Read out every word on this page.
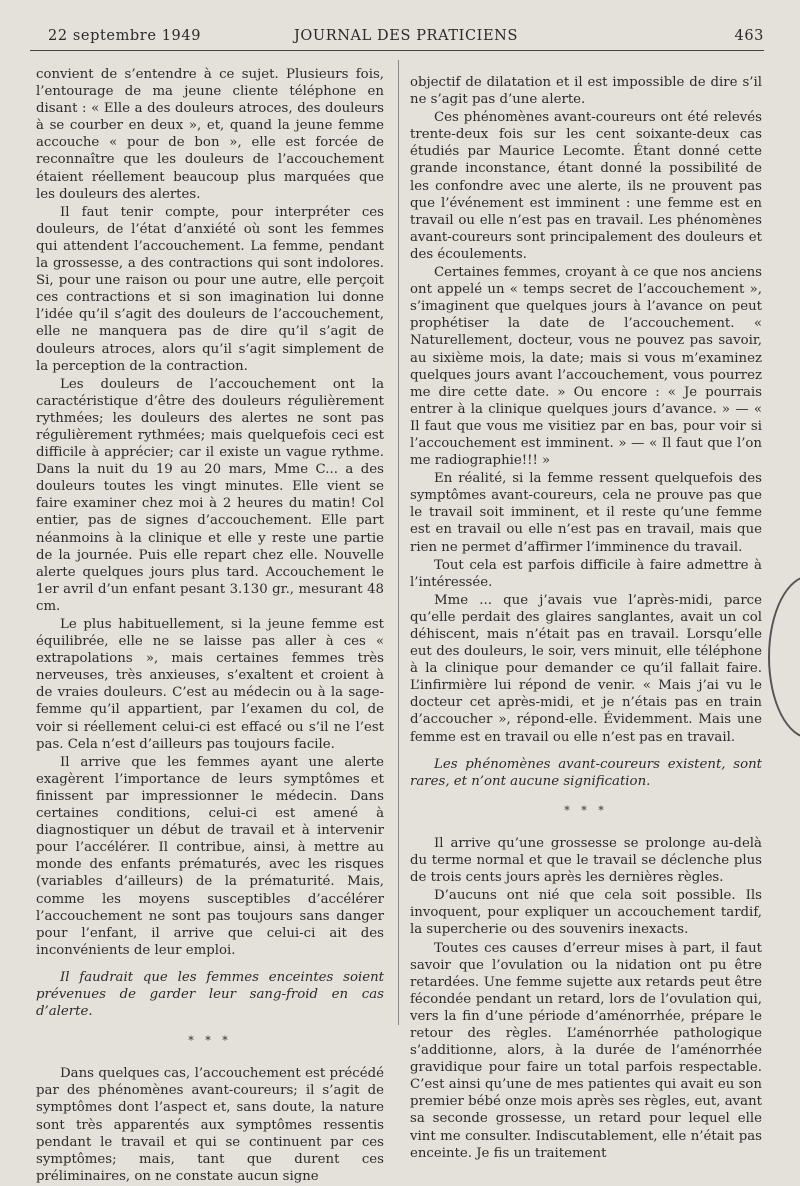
22 septembre 1949	JOURNAL DES PRATICIENS	463

convient de s’entendre à ce sujet. Plusieurs fois, l’entourage de ma jeune cliente téléphone en disant : « Elle a des douleurs atroces, des douleurs à se courber en deux », et, quand la jeune femme accouche « pour de bon », elle est forcée de reconnaître que les douleurs de l’accouchement étaient réellement beaucoup plus marquées que les douleurs des alertes.

Il faut tenir compte, pour interpréter ces douleurs, de l’état d’anxiété où sont les femmes qui attendent l’accouchement. La femme, pendant la grossesse, a des contractions qui sont indolores. Si, pour une raison ou pour une autre, elle perçoit ces contractions et si son imagination lui donne l’idée qu’il s’agit des douleurs de l’accouchement, elle ne manquera pas de dire qu’il s’agit de douleurs atroces, alors qu’il s’agit simplement de la perception de la contraction.

Les douleurs de l’accouchement ont la caractéristique d’être des douleurs régulièrement rythmées; les douleurs des alertes ne sont pas régulièrement rythmées; mais quelquefois ceci est difficile à apprécier; car il existe un vague rythme. Dans la nuit du 19 au 20 mars, Mme C... a des douleurs toutes les vingt minutes. Elle vient se faire examiner chez moi à 2 heures du matin! Col entier, pas de signes d’accouchement. Elle part néanmoins à la clinique et elle y reste une partie de la journée. Puis elle repart chez elle. Nouvelle alerte quelques jours plus tard. Accouchement le 1er avril d’un enfant pesant 3.130 gr., mesurant 48 cm.

Le plus habituellement, si la jeune femme est équilibrée, elle ne se laisse pas aller à ces « extrapolations », mais certaines femmes très nerveuses, très anxieuses, s’exaltent et croient à de vraies douleurs. C’est au médecin ou à la sage-femme qu’il appartient, par l’examen du col, de voir si réellement celui-ci est effacé ou s’il ne l’est pas. Cela n’est d’ailleurs pas toujours facile.

Il arrive que les femmes ayant une alerte exagèrent l’importance de leurs symptômes et finissent par impressionner le médecin. Dans certaines conditions, celui-ci est amené à diagnostiquer un début de travail et à intervenir pour l’accélérer. Il contribue, ainsi, à mettre au monde des enfants prématurés, avec les risques (variables d’ailleurs) de la prématurité. Mais, comme les moyens susceptibles d’accélérer l’accouchement ne sont pas toujours sans danger pour l’enfant, il arrive que celui-ci ait des inconvénients de leur emploi.

Il faudrait que les femmes enceintes soient prévenues de garder leur sang-froid en cas d’alerte.

* * *

Dans quelques cas, l’accouchement est précédé par des phénomènes avant-coureurs; il s’agit de symptômes dont l’aspect et, sans doute, la nature sont très apparentés aux symptômes ressentis pendant le travail et qui se continuent par ces symptômes; mais, tant que durent ces préliminaires, on ne constate aucun signe

objectif de dilatation et il est impossible de dire s’il ne s’agit pas d’une alerte.

Ces phénomènes avant-coureurs ont été relevés trente-deux fois sur les cent soixante-deux cas étudiés par Maurice Lecomte. Étant donné cette grande inconstance, étant donné la possibilité de les confondre avec une alerte, ils ne prouvent pas que l’événement est imminent : une femme est en travail ou elle n’est pas en travail. Les phénomènes avant-coureurs sont principalement des douleurs et des écoulements.

Certaines femmes, croyant à ce que nos anciens ont appelé un « temps secret de l’accouchement », s’imaginent que quelques jours à l’avance on peut prophétiser la date de l’accouchement. « Naturellement, docteur, vous ne pouvez pas savoir, au sixième mois, la date; mais si vous m’examinez quelques jours avant l’accouchement, vous pourrez me dire cette date. » Ou encore : « Je pourrais entrer à la clinique quelques jours d’avance. » — « Il faut que vous me visitiez par en bas, pour voir si l’accouchement est imminent. » — « Il faut que l’on me radiographie!!! »

En réalité, si la femme ressent quelquefois des symptômes avant-coureurs, cela ne prouve pas que le travail soit imminent, et il reste qu’une femme est en travail ou elle n’est pas en travail, mais que rien ne permet d’affirmer l’imminence du travail.

Tout cela est parfois difficile à faire admettre à l’intéressée.

Mme ... que j’avais vue l’après-midi, parce qu’elle perdait des glaires sanglantes, avait un col déhiscent, mais n’était pas en travail. Lorsqu’elle eut des douleurs, le soir, vers minuit, elle téléphone à la clinique pour demander ce qu’il fallait faire. L’infirmière lui répond de venir. « Mais j’ai vu le docteur cet après-midi, et je n’étais pas en train d’accoucher », répond-elle. Évidemment. Mais une femme est en travail ou elle n’est pas en travail.

Les phénomènes avant-coureurs existent, sont rares, et n’ont aucune signification.

* * *

Il arrive qu’une grossesse se prolonge au-delà du terme normal et que le travail se déclenche plus de trois cents jours après les dernières règles.

D’aucuns ont nié que cela soit possible. Ils invoquent, pour expliquer un accouchement tardif, la supercherie ou des souvenirs inexacts.

Toutes ces causes d’erreur mises à part, il faut savoir que l’ovulation ou la nidation ont pu être retardées. Une femme sujette aux retards peut être fécondée pendant un retard, lors de l’ovulation qui, vers la fin d’une période d’aménorrhée, prépare le retour des règles. L’aménorrhée pathologique s’additionne, alors, à la durée de l’aménorrhée gravidique pour faire un total parfois respectable. C’est ainsi qu’une de mes patientes qui avait eu son premier bébé onze mois après ses règles, eut, avant sa seconde grossesse, un retard pour lequel elle vint me consulter. Indiscutablement, elle n’était pas enceinte. Je fis un traitement
